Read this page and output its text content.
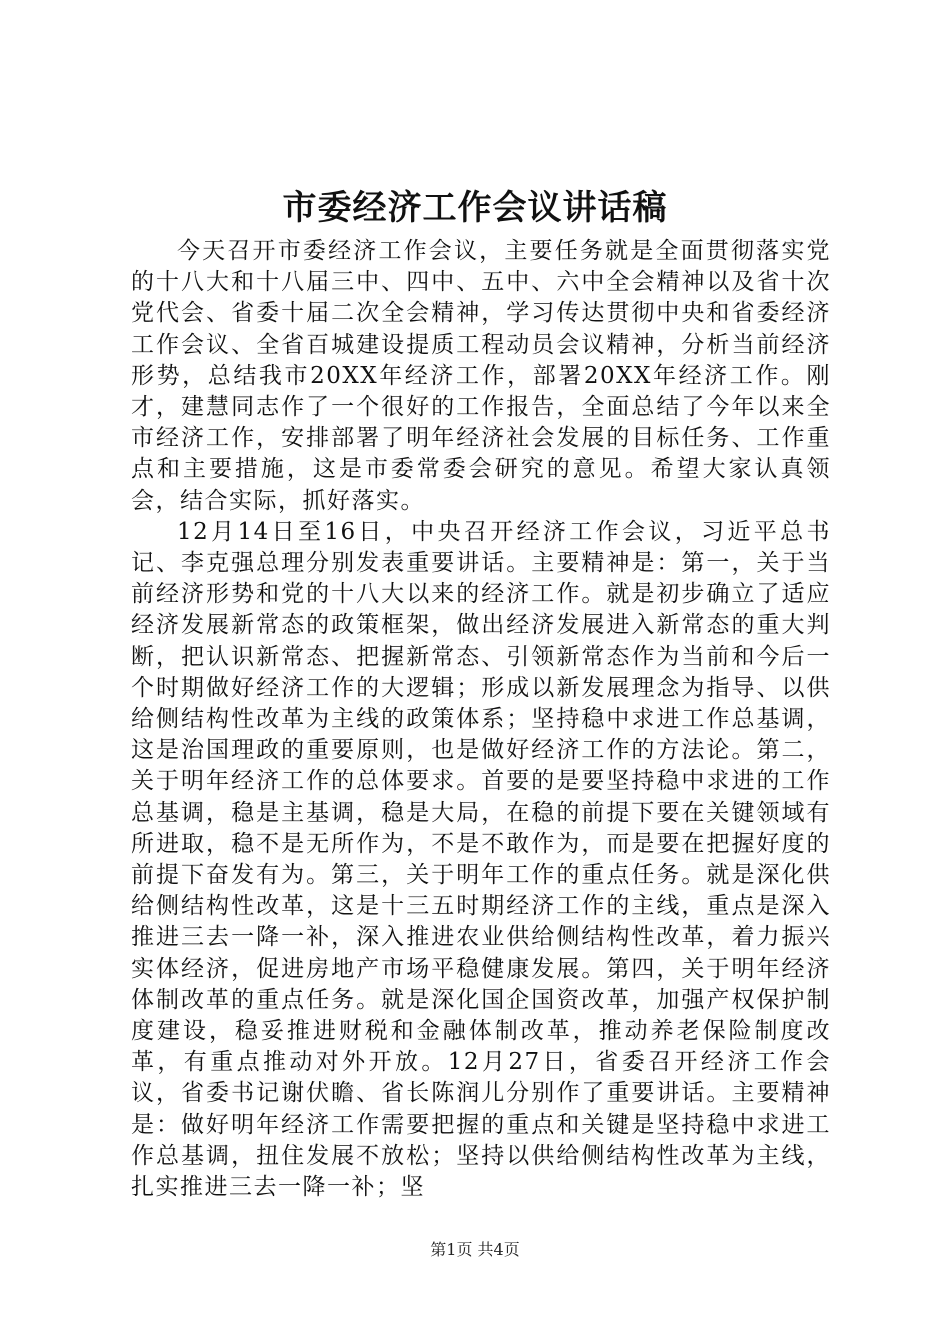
市委经济工作会议讲话稿

今天召开市委经济工作会议，主要任务就是全面贯彻落实党的十八大和十八届三中、四中、五中、六中全会精神以及省十次党代会、省委十届二次全会精神，学习传达贯彻中央和省委经济工作会议、全省百城建设提质工程动员会议精神，分析当前经济形势，总结我市20XX年经济工作，部署20XX年经济工作。刚才，建慧同志作了一个很好的工作报告，全面总结了今年以来全市经济工作，安排部署了明年经济社会发展的目标任务、工作重点和主要措施，这是市委常委会研究的意见。希望大家认真领会，结合实际，抓好落实。

12月14日至16日，中央召开经济工作会议，习近平总书记、李克强总理分别发表重要讲话。主要精神是：第一，关于当前经济形势和党的十八大以来的经济工作。就是初步确立了适应经济发展新常态的政策框架，做出经济发展进入新常态的重大判断，把认识新常态、把握新常态、引领新常态作为当前和今后一个时期做好经济工作的大逻辑；形成以新发展理念为指导、以供给侧结构性改革为主线的政策体系；坚持稳中求进工作总基调，这是治国理政的重要原则，也是做好经济工作的方法论。第二，关于明年经济工作的总体要求。首要的是要坚持稳中求进的工作总基调，稳是主基调，稳是大局，在稳的前提下要在关键领域有所进取，稳不是无所作为，不是不敢作为，而是要在把握好度的前提下奋发有为。第三，关于明年工作的重点任务。就是深化供给侧结构性改革，这是十三五时期经济工作的主线，重点是深入推进三去一降一补，深入推进农业供给侧结构性改革，着力振兴实体经济，促进房地产市场平稳健康发展。第四，关于明年经济体制改革的重点任务。就是深化国企国资改革，加强产权保护制度建设，稳妥推进财税和金融体制改革，推动养老保险制度改革，有重点推动对外开放。12月27日，省委召开经济工作会议，省委书记谢伏瞻、省长陈润儿分别作了重要讲话。主要精神是：做好明年经济工作需要把握的重点和关键是坚持稳中求进工作总基调，扭住发展不放松；坚持以供给侧结构性改革为主线，扎实推进三去一降一补；坚

第1页 共4页
